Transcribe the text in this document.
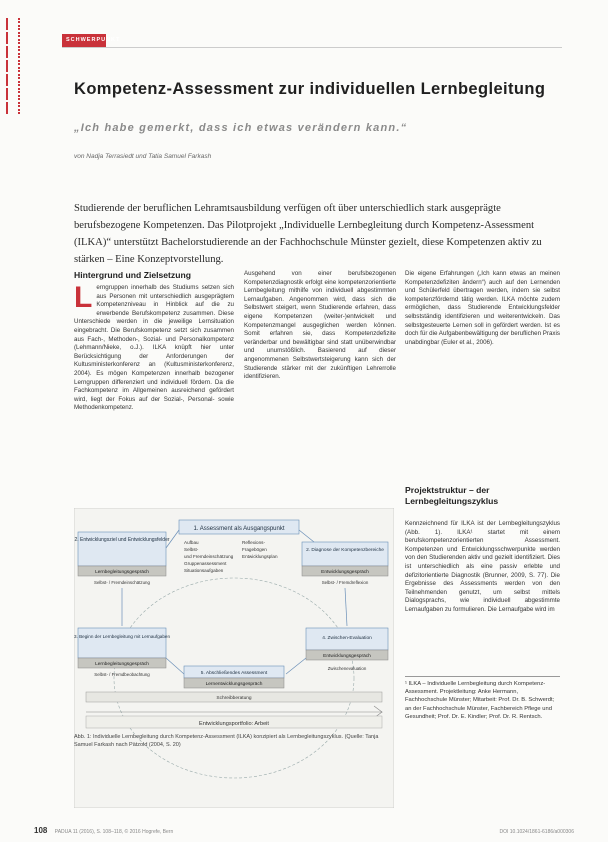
SCHWERPUNKT
Kompetenz-Assessment zur individuellen Lernbegleitung
„Ich habe gemerkt, dass ich etwas verändern kann.“
von Nadja Terrasiedt und Tatia Samuel Farkash
Studierende der beruflichen Lehramtsausbildung verfügen oft über unterschiedlich stark ausgeprägte berufsbezogene Kompetenzen. Das Pilotprojekt „Individuelle Lernbegleitung durch Kompetenz-Assessment (ILKA)“ unterstützt Bachelorstudierende an der Fachhochschule Münster gezielt, diese Kompetenzen aktiv zu stärken – Eine Konzeptvorstellung.
Hintergrund und Zielsetzung
L erngruppen innerhalb des Studiums setzen sich aus Personen mit unterschiedlich ausgeprägtem Kompetenzniveau in Hinblick auf die zu erwerbende Berufskompetenz zusammen. Diese Unterschiede werden in die jeweilige Lernsituation eingebracht. Die Berufskompetenz setzt sich zusammen aus Fach-, Methoden-, Sozial- und Personalkompetenz (Lehmann/Nieke, o.J.). ILKA knüpft hier unter Berücksichtigung der Anforderungen der Kultusministerkonferenz an (Kultusministerkonferenz, 2004). Es mögen Kompetenzen innerhalb bezogener Lerngruppen differenziert und individuell fördern. Da die Fachkompetenz im Allgemeinen ausreichend gefördert wird, liegt der Fokus auf der Sozial-, Personal- sowie Methodenkompetenz.
Ausgehend von einer berufsbezogenen Kompetenzdiagnostik erfolgt eine kompetenzorientierte Lernbegleitung mithilfe von individuell abgestimmten Lernaufgaben. Angenommen wird, dass sich die Selbstwert steigert, wenn Studierende erfahren, dass eigene Kompetenzen (weiter-)entwickelt und Kompetenzmangel ausgeglichen werden können. Somit erfahren sie, dass Kompetenzdefizite veränderbar und bewältigbar sind statt unüberwindbar und unumstößlich. Basierend auf dieser angenommenen Selbstwertsteigerung kann sich der Studierende stärker mit der zukünftigen Lehrerrolle identifizieren.
Die eigene Erfahrungen („Ich kann etwas an meinen Kompetenzdefiziten ändern“) auch auf den Lernenden und Schülerfeld übertragen werden, indem sie selbst kompetenzfördernd tätig werden. ILKA möchte zudem ermöglichen, dass Studierende Entwicklungsfelder selbstständig identifizieren und weiterentwickeln. Das selbstgesteuerte Lernen soll in gefördert werden. Ist es doch für die Aufgabenbewältigung der beruflichen Praxis unabdingbar (Euler et al., 2006).
Projektstruktur – der Lernbegleitungszyklus
Kennzeichnend für ILKA ist der Lernbegleitungszyklus (Abb. 1). ILKA¹ startet mit einem berufskompetenzorientierten Assessment. Kompetenzen und Entwicklungsschwerpunkte werden von den Studierenden aktiv und gezielt identifiziert. Dies ist unterschiedlich als eine passiv erlebte und defizitorientierte Diagnostik (Brunner, 2009, S. 77). Die Ergebnisse des Assessments werden von den Teilnehmenden genutzt, um selbst mittels Dialogsprachs, wie individuell abgestimmte Lernaufgaben zu formulieren. Die Lernaufgabe wird im
¹ ILKA – Individuelle Lernbegleitung durch Kompetenz-Assessment. Projektleitung: Anke Hermann, Fachhochschule Münster; Mitarbeit: Prof. Dr. B. Schwerdt; an der Fachhochschule Münster, Fachbereich Pflege und Gesundheit; Prof. Dr. E. Kindler; Prof. Dr. R. Rentsch.
1. Assessment als Ausgangspunkt
Aufbau
Selbst-
und Fremdeinschätzung
Gruppenassessment
Situationsaufgaben
Reflexions-
Fragebögen
Entwicklungsplan
2. Entwicklungsziel und Entwicklungsfelder
Lernbegleitungsgespräch
Selbst- / Fremdeinschätzung
2. Diagnose der Kompetenzbereiche
Entwicklungsgespräch
Selbst- / Fremdreflexion
3. Beginn der Lernbegleitung mit Lernaufgaben
Lernbegleitungsgespräch
Selbst- / Fremdbeobachtung
4. Zwischen-Evaluation
Entwicklungsgespräch
Zwischenevaluation
5. Abschließendes Assessment
Lernentwicklungsgespräch
Schreibberatung
Entwicklungsportfolio: Arbeit
Abb. 1: Individuelle Lernbegleitung durch Kompetenz-Assessment (ILKA) konzipiert als Lernbegleitungszyklus. (Quelle: Tanja Samuel Farkash nach Pätzold (2004, S. 20)
108 PADUA 11 (2016), S. 108–118, © 2016 Hogrefe, Bern	DOI 10.1024/1861-6186/a000306
